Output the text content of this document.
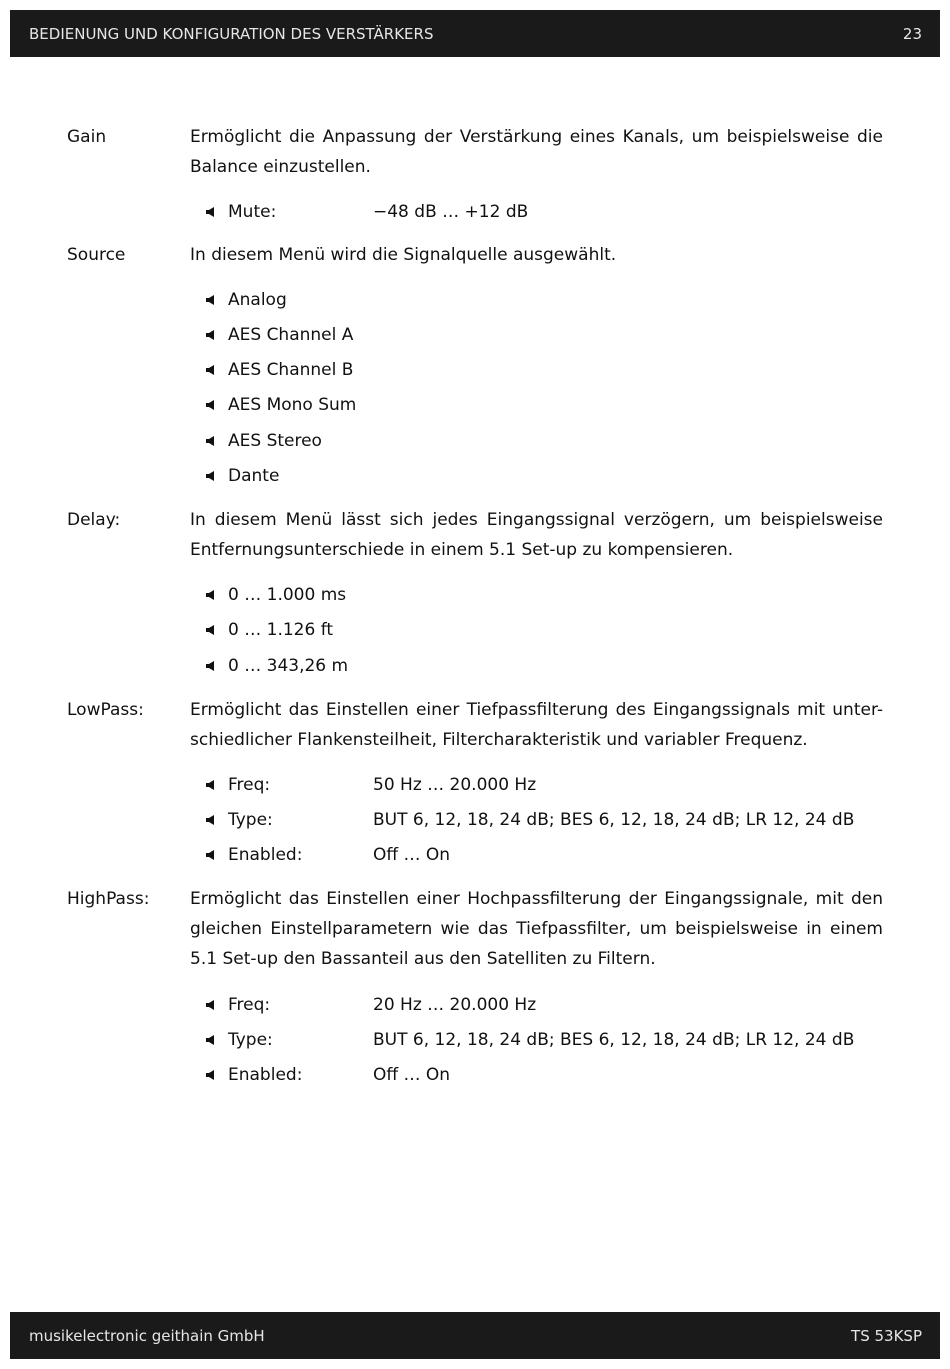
BEDIENUNG UND KONFIGURATION DES VERSTÄRKERS	23
Gain	Ermöglicht die Anpassung der Verstärkung eines Kanals, um beispielsweise die Balance einzustellen.

Mute:	−48 dB … +12 dB
Source	In diesem Menü wird die Signalquelle ausgewählt.

Analog
AES Channel A
AES Channel B
AES Mono Sum
AES Stereo
Dante
Delay:	In diesem Menü lässt sich jedes Eingangssignal verzögern, um beispielsweise Entfernungsunterschiede in einem 5.1 Set-up zu kompensieren.

0 … 1.000 ms
0 … 1.126 ft
0 … 343,26 m
LowPass:	Ermöglicht das Einstellen einer Tiefpassfilterung des Eingangssignals mit unter-schiedlicher Flankensteilheit, Filtercharakteristik und variabler Frequenz.

Freq:	50 Hz … 20.000 Hz
Type:	BUT 6, 12, 18, 24 dB; BES 6, 12, 18, 24 dB; LR 12, 24 dB
Enabled:	Off … On
HighPass: Ermöglicht das Einstellen einer Hochpassfilterung der Eingangssignale, mit den gleichen Einstellparametern wie das Tiefpassfilter, um beispielsweise in einem 5.1 Set-up den Bassanteil aus den Satelliten zu Filtern.

Freq:	20 Hz … 20.000 Hz
Type:	BUT 6, 12, 18, 24 dB; BES 6, 12, 18, 24 dB; LR 12, 24 dB
Enabled:	Off … On
musikelectronic geithain GmbH	TS 53KSP
